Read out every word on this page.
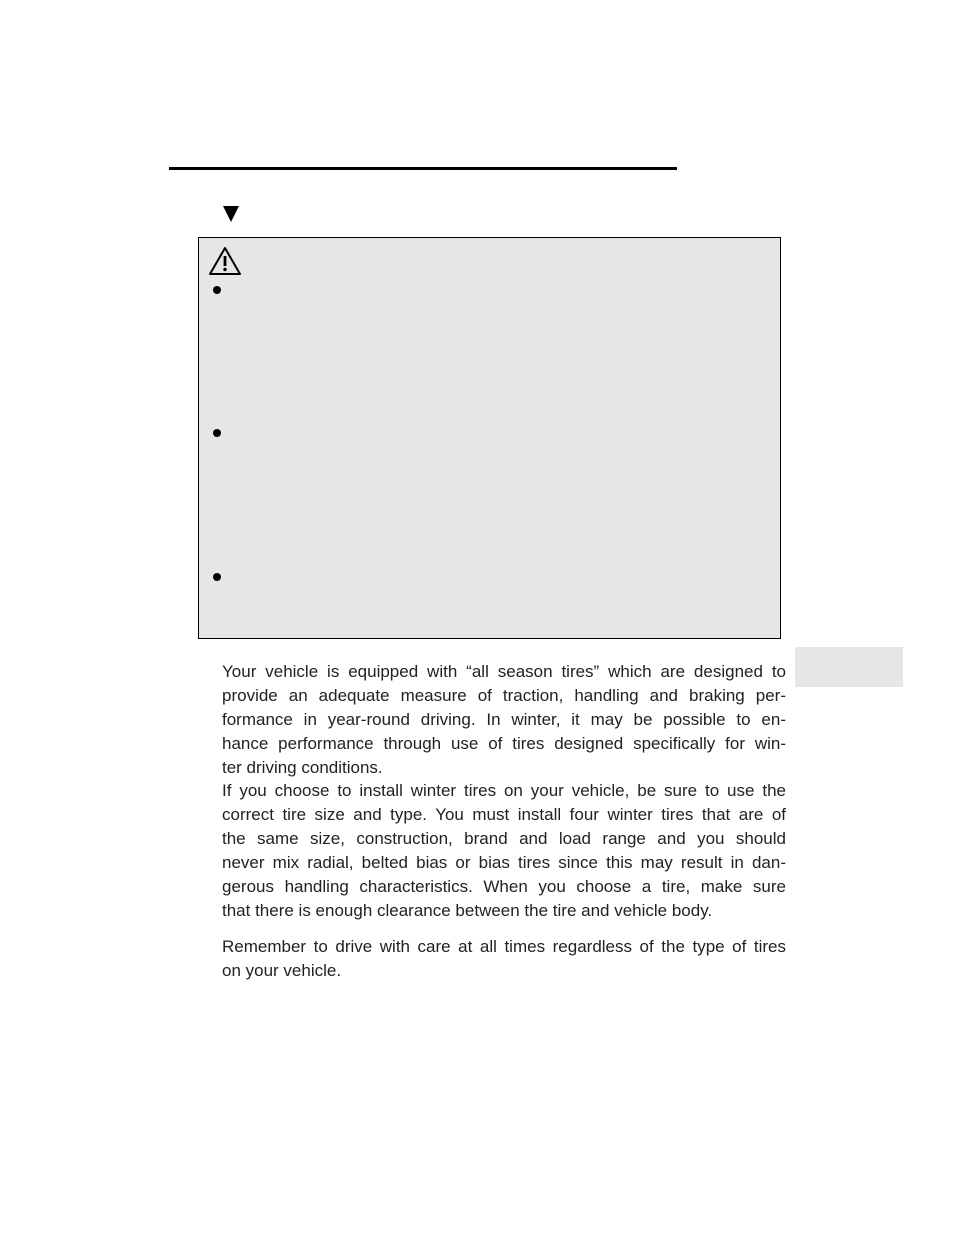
Your vehicle is equipped with “all season tires” which are designed to
provide an adequate measure of traction, handling and braking per-
formance in year-round driving. In winter, it may be possible to en-
hance performance through use of tires designed specifically for win-
ter driving conditions.
If you choose to install winter tires on your vehicle, be sure to use the
correct tire size and type. You must install four winter tires that are of
the same size, construction, brand and load range and you should
never mix radial, belted bias or bias tires since this may result in dan-
gerous handling characteristics. When you choose a tire, make sure
that there is enough clearance between the tire and vehicle body.
Remember to drive with care at all times regardless of the type of tires
on your vehicle.
